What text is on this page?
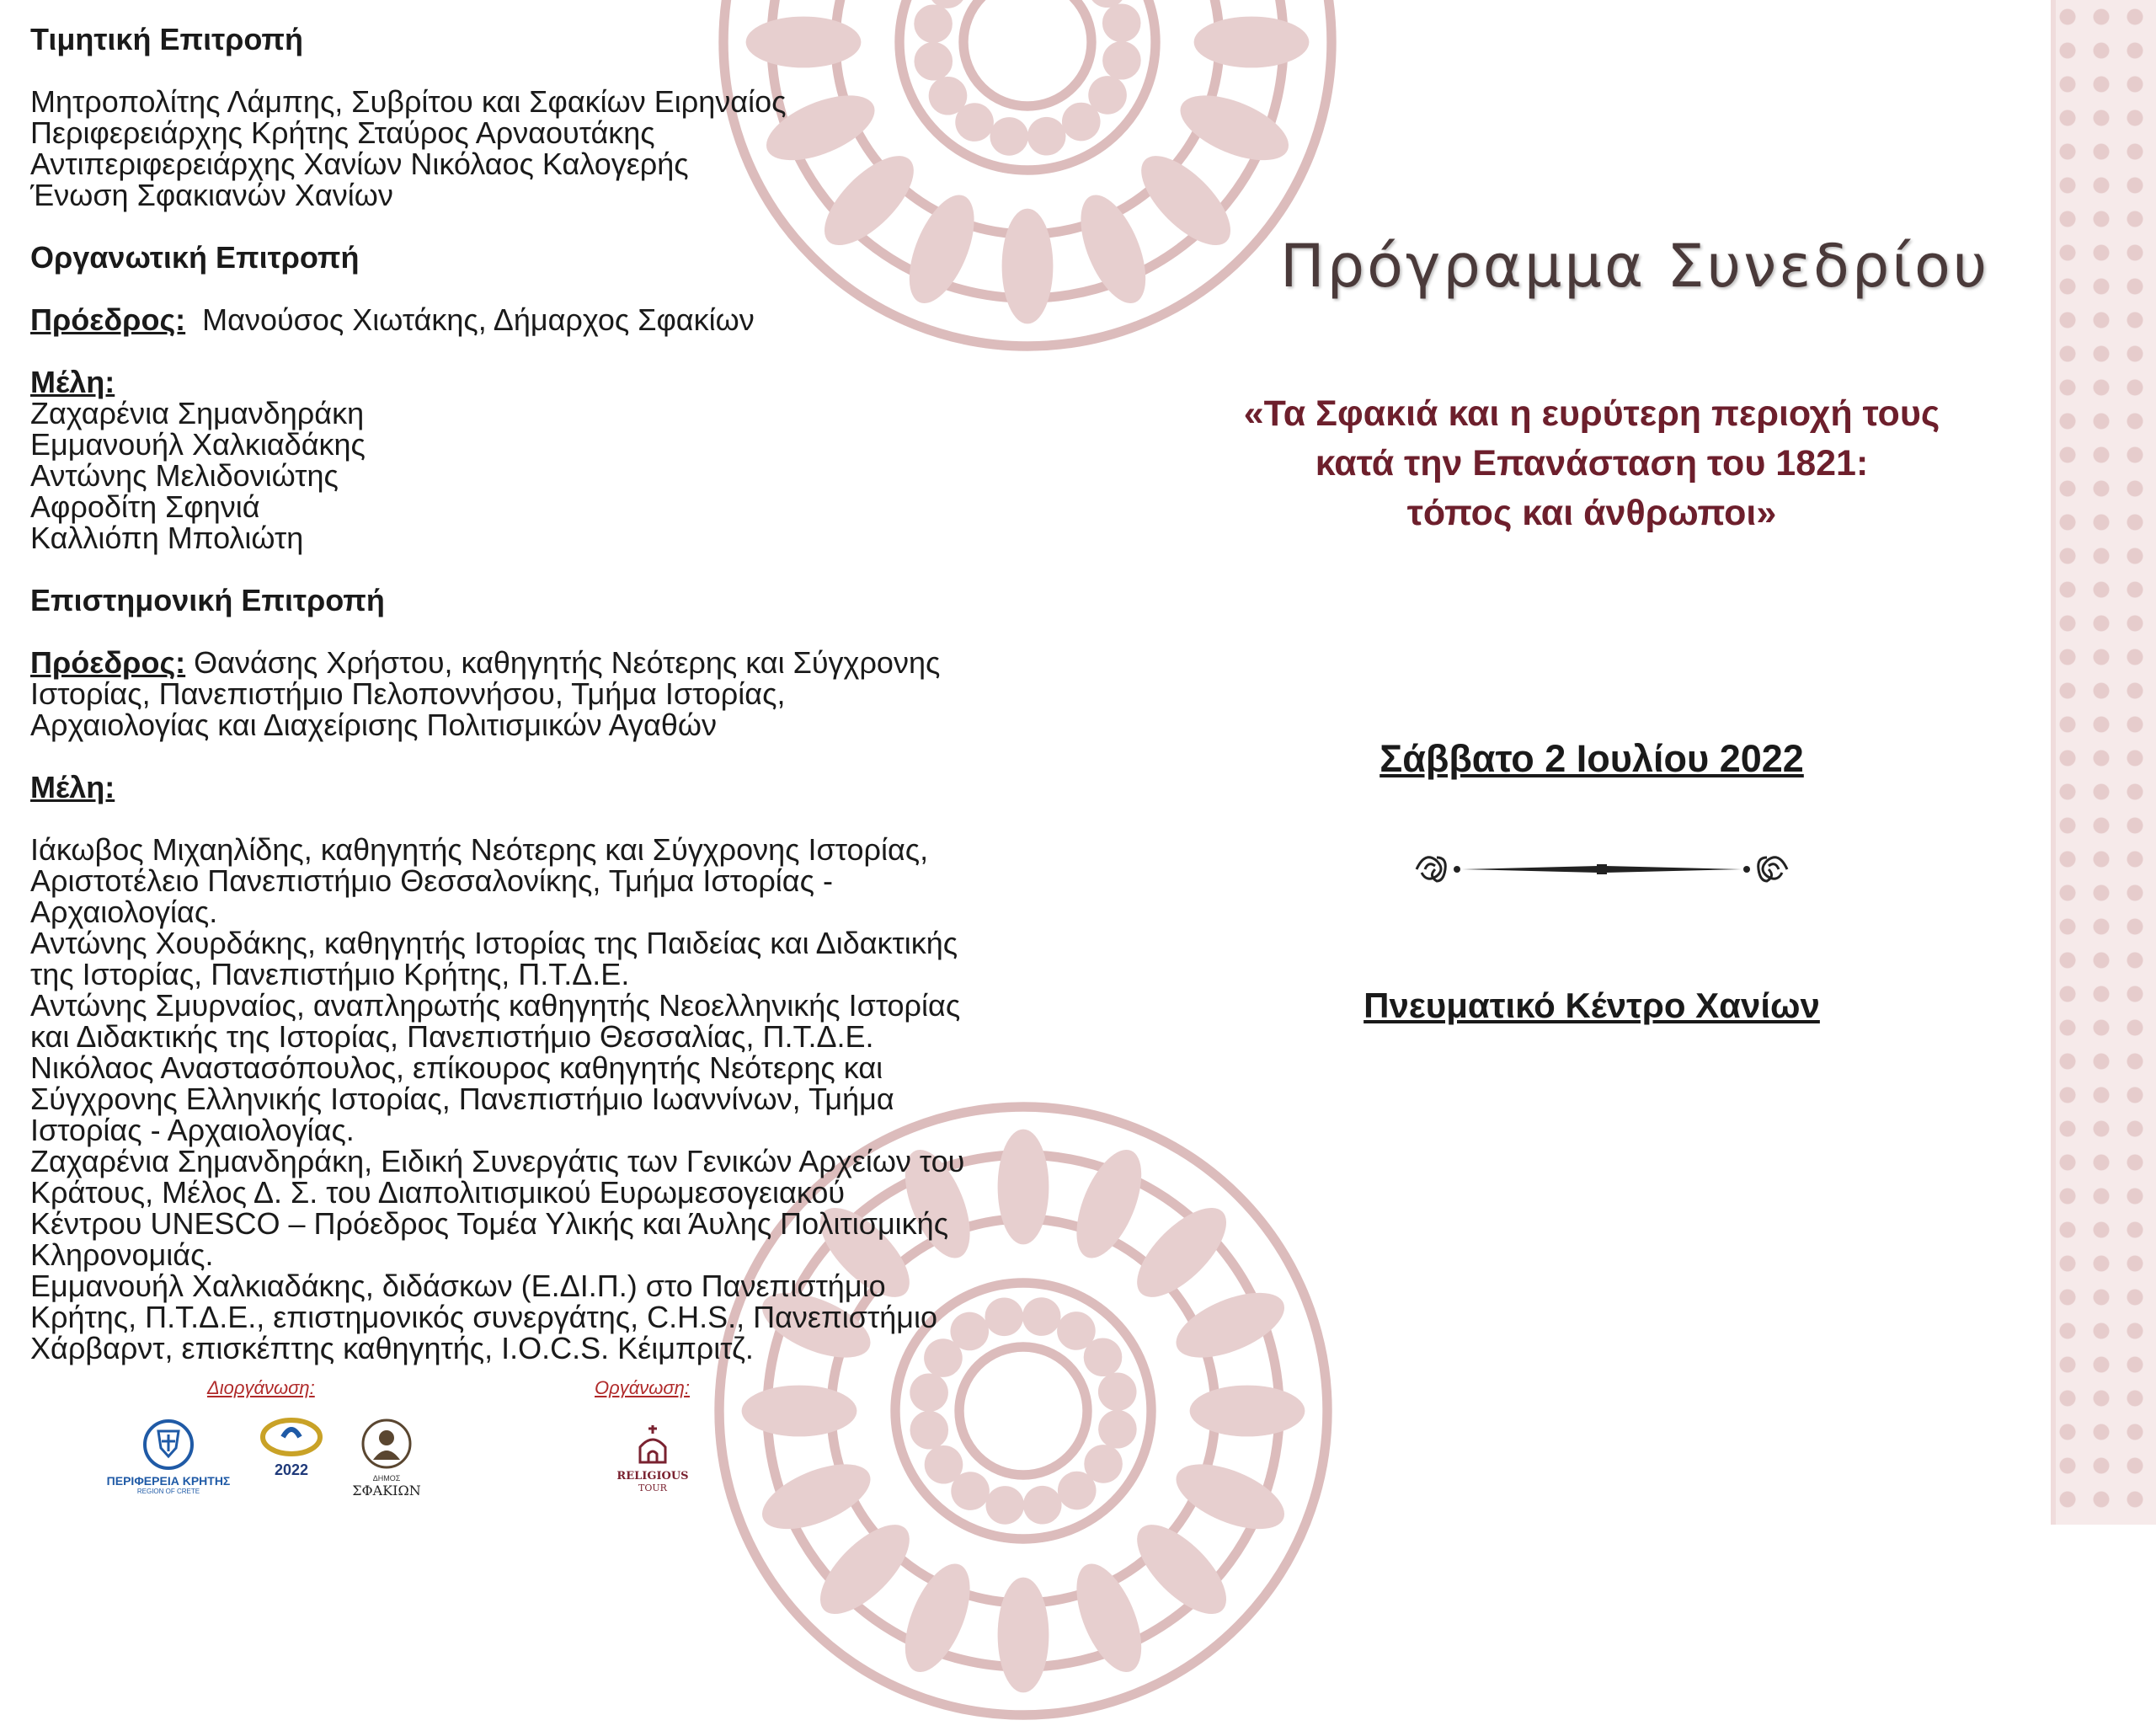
Τιμητική Επιτροπή

Μητροπολίτης Λάμπης, Συβρίτου και Σφακίων Ειρηναίος

Περιφερειάρχης Κρήτης Σταύρος Αρναουτάκης

Αντιπεριφερειάρχης Χανίων Νικόλαος Καλογερής

Ένωση Σφακιανών Χανίων

Οργανωτική Επιτροπή

Πρόεδρος: Μανούσος Χιωτάκης, Δήμαρχος Σφακίων

Μέλη:

Ζαχαρένια Σημανδηράκη

Εμμανουήλ Χαλκιαδάκης

Αντώνης Μελιδονιώτης

Αφροδίτη Σφηνιά

Καλλιόπη Μπολιώτη

Επιστημονική Επιτροπή

Πρόεδρος: Θανάσης Χρήστου, καθηγητής Νεότερης και Σύγχρονης

Ιστορίας, Πανεπιστήμιο Πελοποννήσου, Τμήμα Ιστορίας,

Αρχαιολογίας και Διαχείρισης Πολιτισμικών Αγαθών

Μέλη:

Ιάκωβος Μιχαηλίδης, καθηγητής Νεότερης και Σύγχρονης Ιστορίας,

Αριστοτέλειο Πανεπιστήμιο Θεσσαλονίκης, Τμήμα Ιστορίας -

Αρχαιολογίας.

Αντώνης Χουρδάκης, καθηγητής Ιστορίας της Παιδείας και Διδακτικής

της Ιστορίας, Πανεπιστήμιο Κρήτης, Π.Τ.Δ.Ε.

Αντώνης Σμυρναίος, αναπληρωτής καθηγητής Νεοελληνικής Ιστορίας

και Διδακτικής της Ιστορίας, Πανεπιστήμιο Θεσσαλίας, Π.Τ.Δ.Ε.

Νικόλαος Αναστασόπουλος, επίκουρος καθηγητής Νεότερης και

Σύγχρονης Ελληνικής Ιστορίας, Πανεπιστήμιο Ιωαννίνων, Τμήμα

Ιστορίας - Αρχαιολογίας.

Ζαχαρένια Σημανδηράκη, Ειδική Συνεργάτις των Γενικών Αρχείων του

Κράτους, Μέλος Δ. Σ. του Διαπολιτισμικού Ευρωμεσογειακού

Κέντρου UNESCO – Πρόεδρος Τομέα Υλικής και Άυλης Πολιτισμικής

Κληρονομιάς.

Εμμανουήλ Χαλκιαδάκης, διδάσκων (Ε.ΔΙ.Π.) στο Πανεπιστήμιο

Κρήτης, Π.Τ.Δ.Ε., επιστημονικός συνεργάτης, C.H.S., Πανεπιστήμιο

Χάρβαρντ, επισκέπτης καθηγητής, I.O.C.S. Κέιμπριτζ.

Διοργάνωση:	Οργάνωση:
ΠΕΡΙΦΕΡΕΙΑ ΚΡΗΤΗΣ
REGION OF CRETE
2022	ΔΗΜΟΣ
ΣΦΑΚΙΩΝ
RELIGIOUS
TOUR
Πρόγραμμα Συνεδρίου
«Τα Σφακιά και η ευρύτερη περιοχή τους
κατά την Επανάσταση του 1821:
τόπος και άνθρωποι»
Σάββατο 2 Ιουλίου 2022
Πνευματικό Κέντρο Χανίων
